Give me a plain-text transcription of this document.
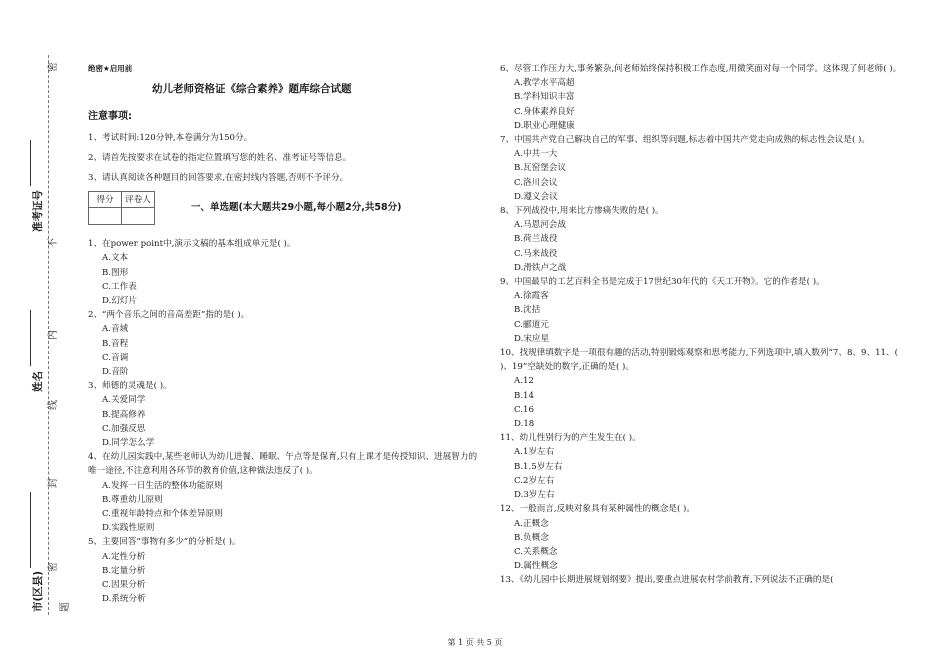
密
不
内
线
封
密
题
准考证号
姓名
市(区县)
绝密★启用前
幼儿老师资格证《综合素养》题库综合试题
注意事项:

1、考试时间:120分钟,本卷满分为150分。

2、请首先按要求在试卷的指定位置填写您的姓名、准考证号等信息。

3、请认真阅读各种题目的回答要求,在密封线内答题,否则不予评分。

得分	评卷人

一、单选题(本大题共29小题,每小题2分,共58分)

1、在power point中,演示文稿的基本组成单元是( )。

A.文本

B.图形

C.工作表

D.幻灯片

2、“两个音乐之间的音高差距”指的是( )。

A.音域

B.音程

C.音调

D.音阶

3、师德的灵魂是( )。

A.关爱同学

B.提高修养

C.加强反思

D.同学怎么学

4、在幼儿园实践中,某些老师认为幼儿进餐、睡眠、午点等是保育,只有上课才是传授知识、进展智力的唯一途径,不注意利用各环节的教育价值,这种做法违反了( )。

A.发挥一日生活的整体功能原则

B.尊重幼儿原则

C.重视年龄特点和个体差异原则

D.实践性原则

5、主要回答“事物有多少”的分析是( )。

A.定性分析

B.定量分析

C.因果分析

D.系统分析

6、尽管工作压力大,事务繁杂,何老师始终保持积极工作态度,用微笑面对每一个同学。这体现了何老师( )。

A.教学水平高超

B.学科知识丰富

C.身体素养良好

D.职业心理健康

7、中国共产党自己解决自己的军事、组织等问题,标志着中国共产党走向成熟的标志性会议是( )。

A.中共一大

B.瓦窑堡会议

C.洛川会议

D.遵义会议

8、下列战役中,用来比方惨痛失败的是( )。

A.马恩河会战

B.荷兰战役

C.马来战役

D.滑铁卢之战

9、中国最早的工艺百科全书是完成于17世纪30年代的《天工开物》。它的作者是( )。

A.徐霞客

B.沈括

C.郦道元

D.宋应星

10、找规律填数字是一项很有趣的活动,特别锻炼观察和思考能力,下列选项中,填入数列“7、8、9、11、( )、19”空缺处的数字,正确的是( )。

A.12

B.14

C.16

D.18

11、幼儿性别行为的产生发生在( )。

A.1岁左右

B.1.5岁左右

C.2岁左右

D.3岁左右

12、一般而言,反映对象具有某种属性的概念是( )。

A.正概念

B.负概念

C.关系概念

D.属性概念

13、《幼儿园中长期进展规划纲要》提出,要重点进展农村学前教育,下列说法不正确的是(

第 1 页 共 5 页
